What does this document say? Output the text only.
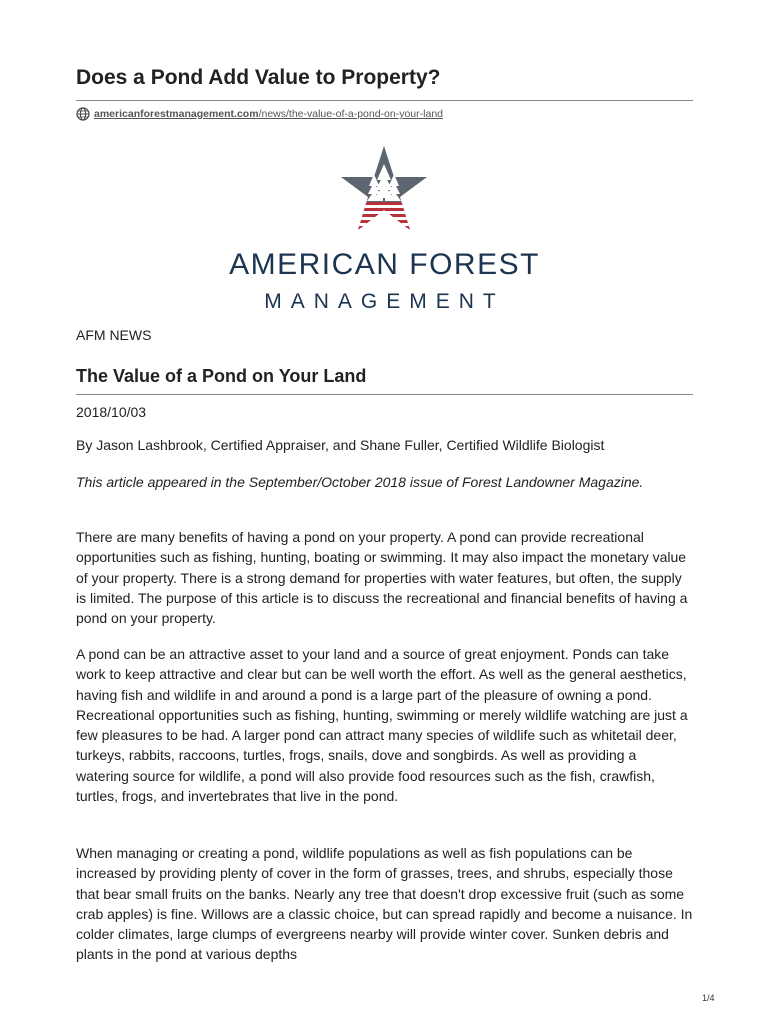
Does a Pond Add Value to Property?
americanforestmanagement.com /news/the-value-of-a-pond-on-your-land
AMERICAN FOREST
MANAGEMENT
AFM NEWS
The Value of a Pond on Your Land
2018/10/03
By Jason Lashbrook, Certified Appraiser, and Shane Fuller, Certified Wildlife Biologist

This article appeared in the September/October 2018 issue of Forest Landowner Magazine.

There are many benefits of having a pond on your property. A pond can provide recreational opportunities such as fishing, hunting, boating or swimming. It may also impact the monetary value of your property. There is a strong demand for properties with water features, but often, the supply is limited. The purpose of this article is to discuss the recreational and financial benefits of having a pond on your property.

A pond can be an attractive asset to your land and a source of great enjoyment. Ponds can take work to keep attractive and clear but can be well worth the effort. As well as the general aesthetics, having fish and wildlife in and around a pond is a large part of the pleasure of owning a pond. Recreational opportunities such as fishing, hunting, swimming or merely wildlife watching are just a few pleasures to be had. A larger pond can attract many species of wildlife such as whitetail deer, turkeys, rabbits, raccoons, turtles, frogs, snails, dove and songbirds. As well as providing a watering source for wildlife, a pond will also provide food resources such as the fish, crawfish, turtles, frogs, and invertebrates that live in the pond.

When managing or creating a pond, wildlife populations as well as fish populations can be increased by providing plenty of cover in the form of grasses, trees, and shrubs, especially those that bear small fruits on the banks. Nearly any tree that doesn't drop excessive fruit (such as some crab apples) is fine. Willows are a classic choice, but can spread rapidly and become a nuisance. In colder climates, large clumps of evergreens nearby will provide winter cover. Sunken debris and plants in the pond at various depths

1/4
